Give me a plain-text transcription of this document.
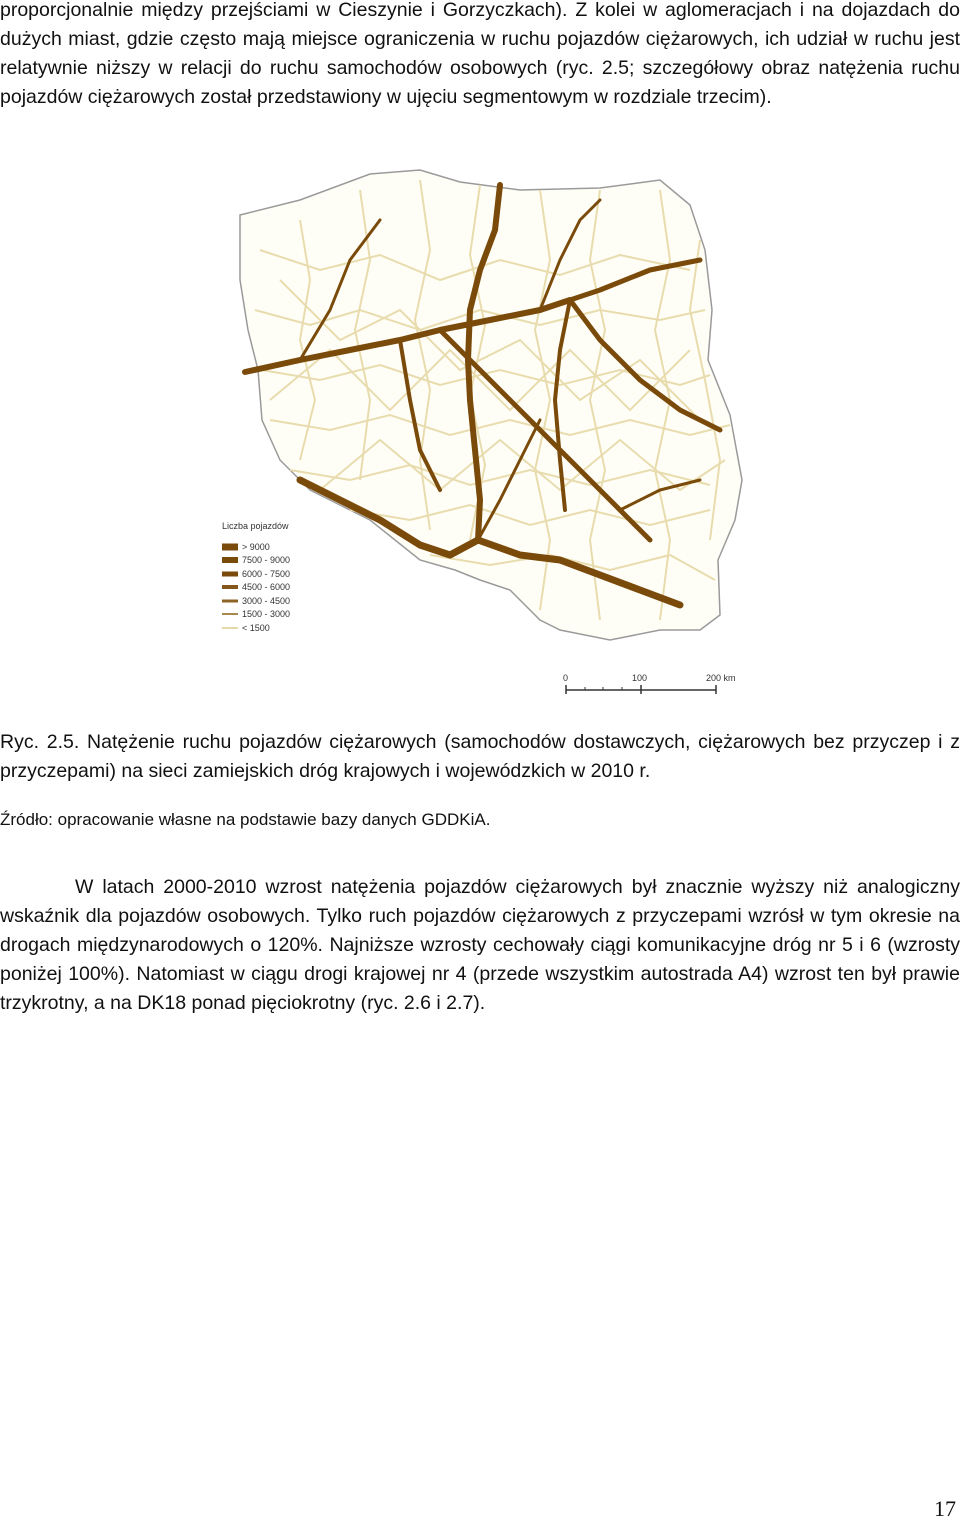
proporcjonalnie między przejściami w Cieszynie i Gorzyczkach). Z kolei w aglomeracjach i na dojazdach do dużych miast, gdzie często mają miejsce ograniczenia w ruchu pojazdów ciężarowych, ich udział w ruchu jest relatywnie niższy w relacji do ruchu samochodów osobowych (ryc. 2.5; szczegółowy obraz natężenia ruchu pojazdów ciężarowych został przedstawiony w ujęciu segmentowym w rozdziale trzecim).

Liczba pojazdów
> 9000
7500 - 9000
6000 - 7500
4500 - 6000
3000 - 4500
1500 - 3000
< 1500
0	100	200 km

Ryc. 2.5. Natężenie ruchu pojazdów ciężarowych (samochodów dostawczych, ciężarowych bez przyczep i z przyczepami) na sieci zamiejskich dróg krajowych i wojewódzkich w 2010 r.

Źródło: opracowanie własne na podstawie bazy danych GDDKiA.

W latach 2000-2010 wzrost natężenia pojazdów ciężarowych był znacznie wyższy niż analogiczny wskaźnik dla pojazdów osobowych. Tylko ruch pojazdów ciężarowych z przyczepami wzrósł w tym okresie na drogach międzynarodowych o 120%. Najniższe wzrosty cechowały ciągi komunikacyjne dróg nr 5 i 6 (wzrosty poniżej 100%). Natomiast w ciągu drogi krajowej nr 4 (przede wszystkim autostrada A4) wzrost ten był prawie trzykrotny, a na DK18 ponad pięciokrotny (ryc. 2.6 i 2.7).

17
